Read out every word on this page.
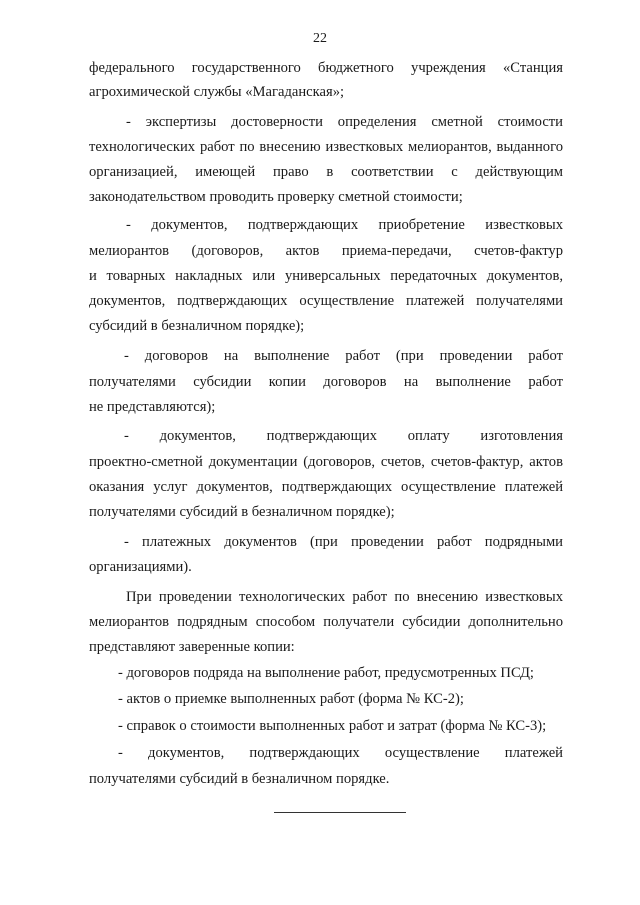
22
федерального государственного бюджетного учреждения «Станция
агрохимической службы «Магаданская»;
- экспертизы достоверности определения сметной стоимости
технологических работ по внесению известковых мелиорантов, выданного
организацией, имеющей право в соответствии с действующим
законодательством проводить проверку сметной стоимости;
- документов, подтверждающих приобретение известковых
мелиорантов (договоров, актов приема-передачи, счетов-фактур
и товарных накладных или универсальных передаточных документов,
документов, подтверждающих осуществление платежей получателями
субсидий в безналичном порядке);
- договоров на выполнение работ (при проведении работ
получателями субсидии копии договоров на выполнение работ
не представляются);
- документов, подтверждающих оплату изготовления
проектно-сметной документации (договоров, счетов, счетов-фактур, актов
оказания услуг документов, подтверждающих осуществление платежей
получателями субсидий в безналичном порядке);
- платежных документов (при проведении работ подрядными
организациями).
При проведении технологических работ по внесению известковых
мелиорантов подрядным способом получатели субсидии дополнительно
представляют заверенные копии:
- договоров подряда на выполнение работ, предусмотренных ПСД;
- актов о приемке выполненных работ (форма № КС-2);
- справок о стоимости выполненных работ и затрат (форма № КС-3);
- документов, подтверждающих осуществление платежей
получателями субсидий в безналичном порядке.
